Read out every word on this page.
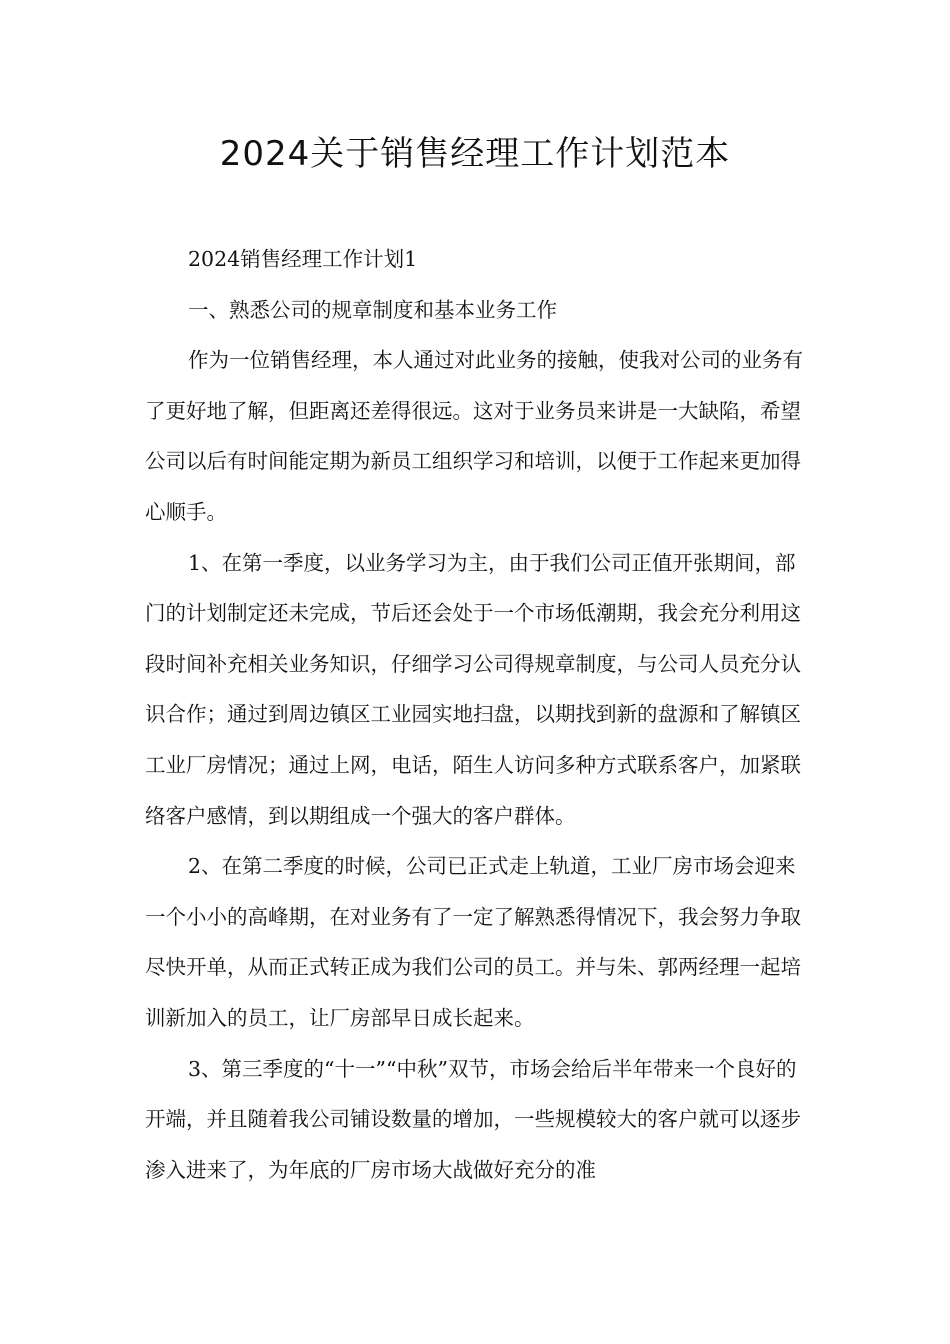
2024关于销售经理工作计划范本

2024销售经理工作计划1

一、熟悉公司的规章制度和基本业务工作

作为一位销售经理，本人通过对此业务的接触，使我对公司的业务有了更好地了解，但距离还差得很远。这对于业务员来讲是一大缺陷，希望公司以后有时间能定期为新员工组织学习和培训，以便于工作起来更加得心顺手。

1、在第一季度，以业务学习为主，由于我们公司正值开张期间，部门的计划制定还未完成，节后还会处于一个市场低潮期，我会充分利用这段时间补充相关业务知识，仔细学习公司得规章制度，与公司人员充分认识合作；通过到周边镇区工业园实地扫盘，以期找到新的盘源和了解镇区工业厂房情况；通过上网，电话，陌生人访问多种方式联系客户，加紧联络客户感情，到以期组成一个强大的客户群体。

2、在第二季度的时候，公司已正式走上轨道，工业厂房市场会迎来一个小小的高峰期，在对业务有了一定了解熟悉得情况下，我会努力争取尽快开单，从而正式转正成为我们公司的员工。并与朱、郭两经理一起培训新加入的员工，让厂房部早日成长起来。

3、第三季度的“十一”“中秋”双节，市场会给后半年带来一个良好的开端，并且随着我公司铺设数量的增加，一些规模较大的客户就可以逐步渗入进来了，为年底的厂房市场大战做好充分的准
